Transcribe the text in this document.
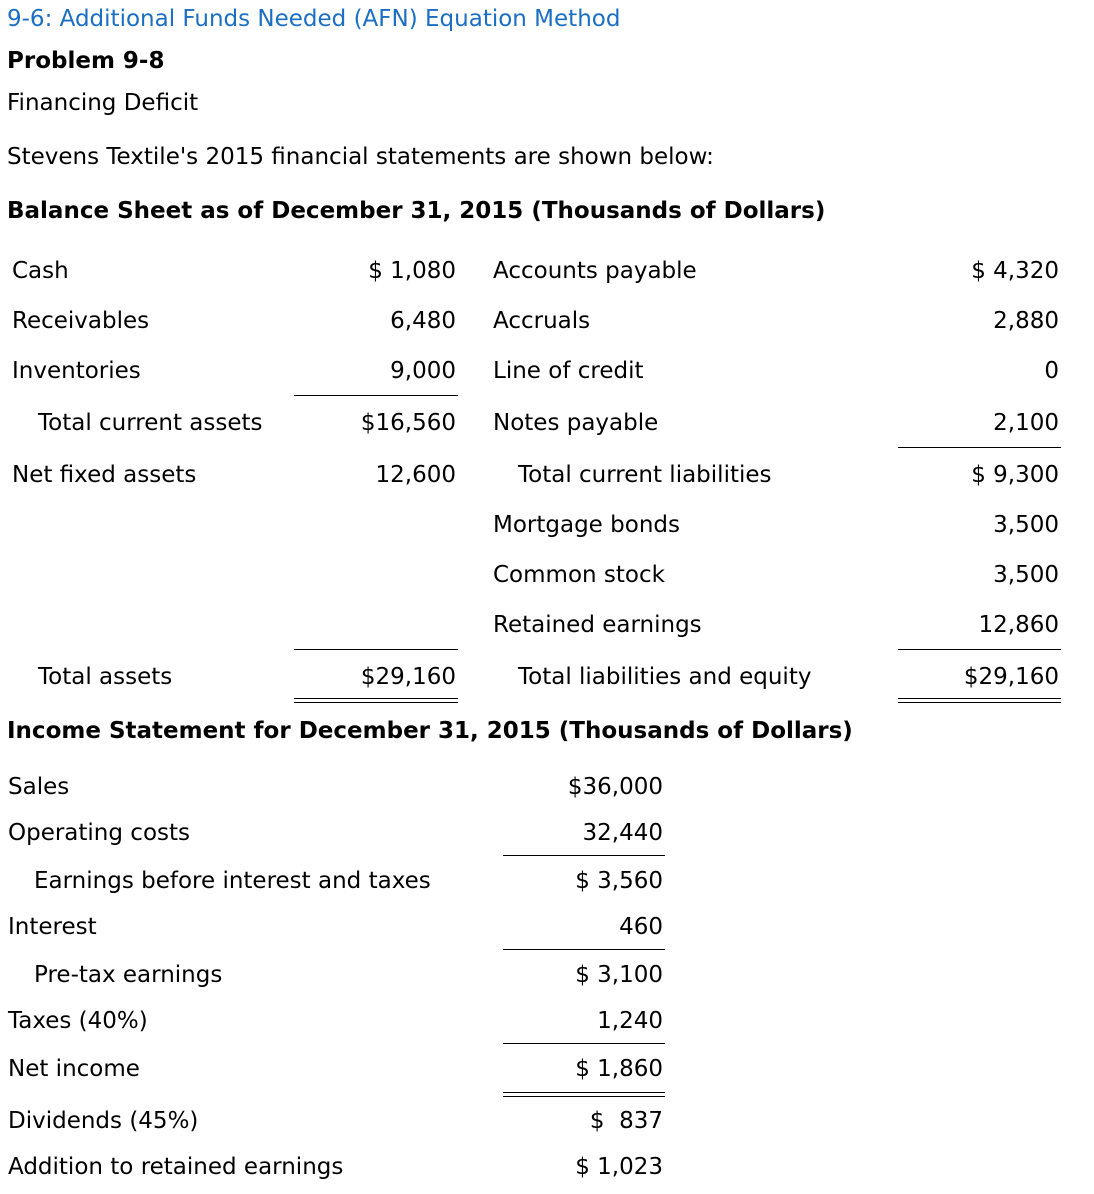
9-6: Additional Funds Needed (AFN) Equation Method
Problem 9-8
Financing Deficit
Stevens Textile's 2015 financial statements are shown below:
Balance Sheet as of December 31, 2015 (Thousands of Dollars)
Cash
Receivables
Inventories
Total current assets
Net fixed assets
Total assets
$ 1,080
6,480
9,000
$16,560
12,600
$29,160
Accounts payable
Accruals
Line of credit
Notes payable
Total current liabilities
Mortgage bonds
Common stock
Retained earnings
Total liabilities and equity
$ 4,320
2,880
0
2,100
$ 9,300
3,500
3,500
12,860
$29,160
Income Statement for December 31, 2015 (Thousands of Dollars)
Sales
Operating costs
Earnings before interest and taxes
Interest
Pre-tax earnings
Taxes (40%)
Net income
Dividends (45%)
Addition to retained earnings
$36,000
32,440
$ 3,560
460
$ 3,100
1,240
$ 1,860
$  837
$ 1,023
